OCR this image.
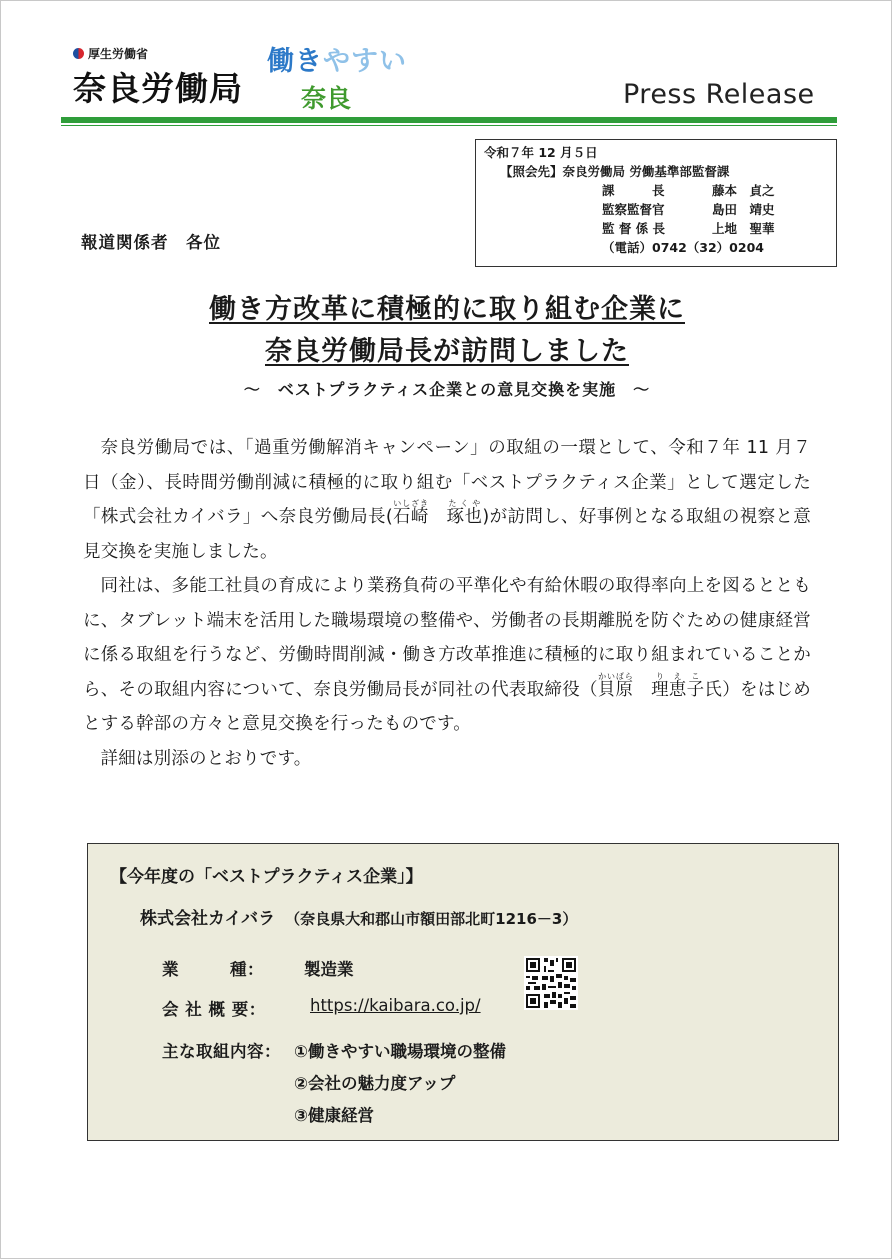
厚生労働省
奈良労働局
働きやすい
奈良	Press Release
令和７年 12 月５日
【照会先】奈良労働局 労働基準部監督課
課　　　長	藤本　貞之
監察監督官	島田　靖史
監 督 係 長	上地　聖華
（電話）0742（32）0204
報道関係者　各位
働き方改革に積極的に取り組む企業に
奈良労働局長が訪問しました
～　ベストプラクティス企業との意見交換を実施　～

奈良労働局では、「過重労働解消キャンペーン」の取組の一環として、令和７年 11 月７日（金）、長時間労働削減に積極的に取り組む「ベストプラクティス企業」として選定した「株式会社カイバラ」へ奈良労働局長(石崎いしざき　琢也たくや)が訪問し、好事例となる取組の視察と意見交換を実施しました。

同社は、多能工社員の育成により業務負荷の平準化や有給休暇の取得率向上を図るとともに、タブレット端末を活用した職場環境の整備や、労働者の長期離脱を防ぐための健康経営に係る取組を行うなど、労働時間削減・働き方改革推進に積極的に取り組まれていることから、その取組内容について、奈良労働局長が同社の代表取締役（貝原かいばら　理恵子りえこ氏）をはじめとする幹部の方々と意見交換を行ったものです。

詳細は別添のとおりです。

【今年度の「ベストプラクティス企業」】
株式会社カイバラ （奈良県大和郡山市額田部北町1216－3）
業　　　種： 製造業
会 社 概 要：	https://kaibara.co.jp/
主な取組内容： ①働きやすい職場環境の整備
②会社の魅力度アップ
③健康経営
